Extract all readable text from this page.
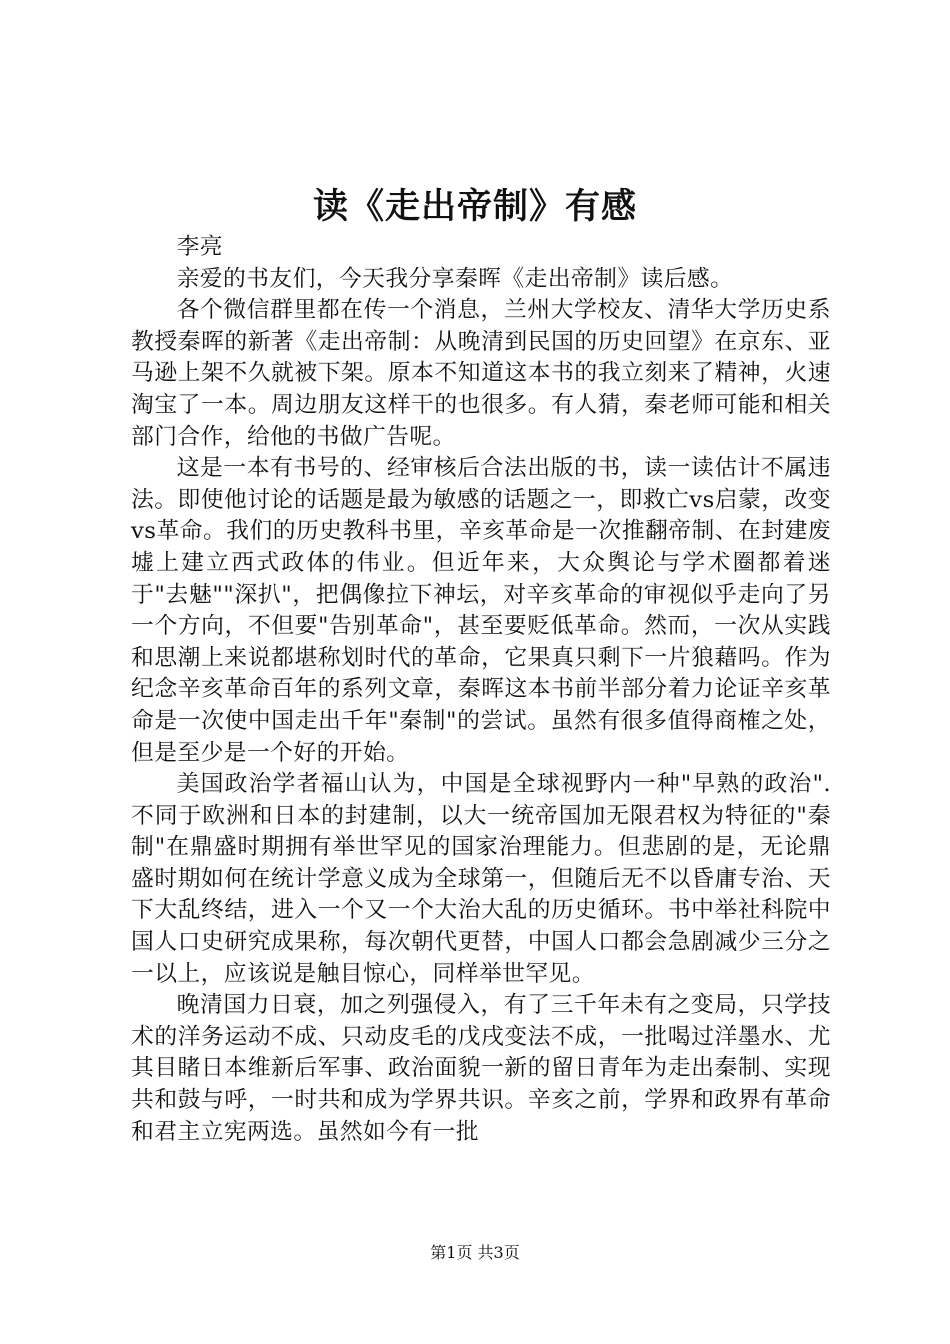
读《走出帝制》有感

李亮

亲爱的书友们，今天我分享秦晖《走出帝制》读后感。

各个微信群里都在传一个消息，兰州大学校友、清华大学历史系教授秦晖的新著《走出帝制：从晚清到民国的历史回望》在京东、亚马逊上架不久就被下架。原本不知道这本书的我立刻来了精神，火速淘宝了一本。周边朋友这样干的也很多。有人猜，秦老师可能和相关部门合作，给他的书做广告呢。

这是一本有书号的、经审核后合法出版的书，读一读估计不属违法。即使他讨论的话题是最为敏感的话题之一，即救亡vs启蒙，改变vs革命。我们的历史教科书里，辛亥革命是一次推翻帝制、在封建废墟上建立西式政体的伟业。但近年来，大众舆论与学术圈都着迷于"去魅""深扒"，把偶像拉下神坛，对辛亥革命的审视似乎走向了另一个方向，不但要"告别革命"，甚至要贬低革命。然而，一次从实践和思潮上来说都堪称划时代的革命，它果真只剩下一片狼藉吗。作为纪念辛亥革命百年的系列文章，秦晖这本书前半部分着力论证辛亥革命是一次使中国走出千年"秦制"的尝试。虽然有很多值得商榷之处，但是至少是一个好的开始。

美国政治学者福山认为，中国是全球视野内一种"早熟的政治".不同于欧洲和日本的封建制，以大一统帝国加无限君权为特征的"秦制"在鼎盛时期拥有举世罕见的国家治理能力。但悲剧的是，无论鼎盛时期如何在统计学意义成为全球第一，但随后无不以昏庸专治、天下大乱终结，进入一个又一个大治大乱的历史循环。书中举社科院中国人口史研究成果称，每次朝代更替，中国人口都会急剧减少三分之一以上，应该说是触目惊心，同样举世罕见。

晚清国力日衰，加之列强侵入，有了三千年未有之变局，只学技术的洋务运动不成、只动皮毛的戊戌变法不成，一批喝过洋墨水、尤其目睹日本维新后军事、政治面貌一新的留日青年为走出秦制、实现共和鼓与呼，一时共和成为学界共识。辛亥之前，学界和政界有革命和君主立宪两选。虽然如今有一批

第1页 共3页
